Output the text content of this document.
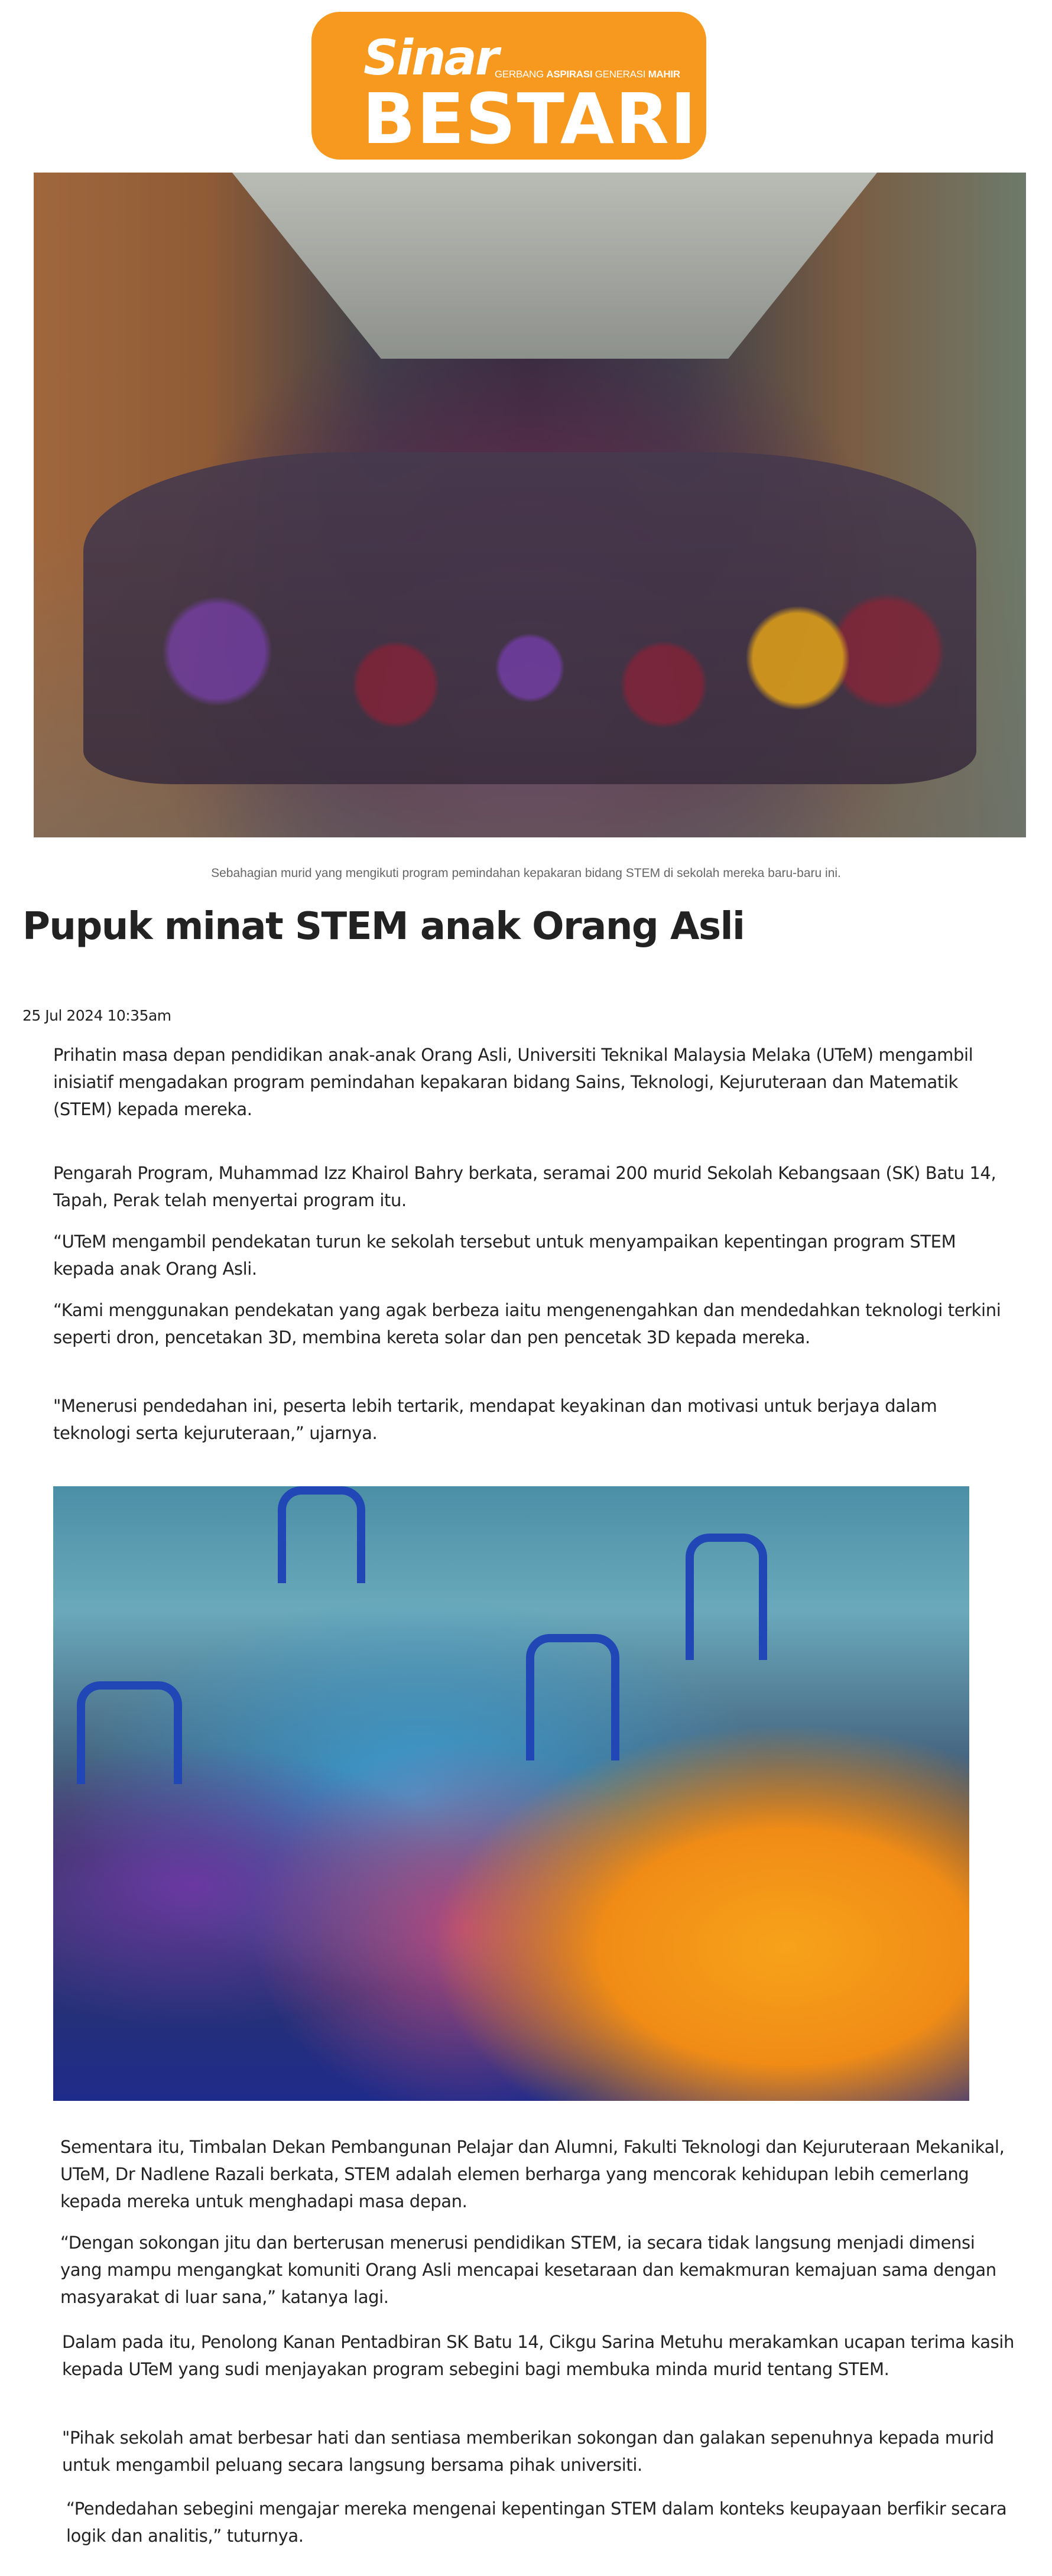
Sinar
GERBANG ASPIRASI GENERASI MAHIR
BESTARI
Sebahagian murid yang mengikuti program pemindahan kepakaran bidang STEM di sekolah mereka baru-baru ini.
Pupuk minat STEM anak Orang Asli
25 Jul 2024 10:35am

Prihatin masa depan pendidikan anak-anak Orang Asli, Universiti Teknikal Malaysia Melaka (UTeM) mengambil inisiatif mengadakan program pemindahan kepakaran bidang Sains, Teknologi, Kejuruteraan dan Matematik (STEM) kepada mereka.

Pengarah Program, Muhammad Izz Khairol Bahry berkata, seramai 200 murid Sekolah Kebangsaan (SK) Batu 14, Tapah, Perak telah menyertai program itu.

“UTeM mengambil pendekatan turun ke sekolah tersebut untuk menyampaikan kepentingan program STEM kepada anak Orang Asli.

“Kami menggunakan pendekatan yang agak berbeza iaitu mengenengahkan dan mendedahkan teknologi terkini seperti dron, pencetakan 3D, membina kereta solar dan pen pencetak 3D kepada mereka.

"Menerusi pendedahan ini, peserta lebih tertarik, mendapat keyakinan dan motivasi untuk berjaya dalam teknologi serta kejuruteraan,” ujarnya.

Sementara itu, Timbalan Dekan Pembangunan Pelajar dan Alumni, Fakulti Teknologi dan Kejuruteraan Mekanikal, UTeM, Dr Nadlene Razali berkata, STEM adalah elemen berharga yang mencorak kehidupan lebih cemerlang kepada mereka untuk menghadapi masa depan.

“Dengan sokongan jitu dan berterusan menerusi pendidikan STEM, ia secara tidak langsung menjadi dimensi yang mampu mengangkat komuniti Orang Asli mencapai kesetaraan dan kemakmuran kemajuan sama dengan masyarakat di luar sana,” katanya lagi.

Dalam pada itu, Penolong Kanan Pentadbiran SK Batu 14, Cikgu Sarina Metuhu merakamkan ucapan terima kasih kepada UTeM yang sudi menjayakan program sebegini bagi membuka minda murid tentang STEM.

"Pihak sekolah amat berbesar hati dan sentiasa memberikan sokongan dan galakan sepenuhnya kepada murid untuk mengambil peluang secara langsung bersama pihak universiti.

“Pendedahan sebegini mengajar mereka mengenai kepentingan STEM dalam konteks keupayaan berfikir secara logik dan analitis,” tuturnya.
